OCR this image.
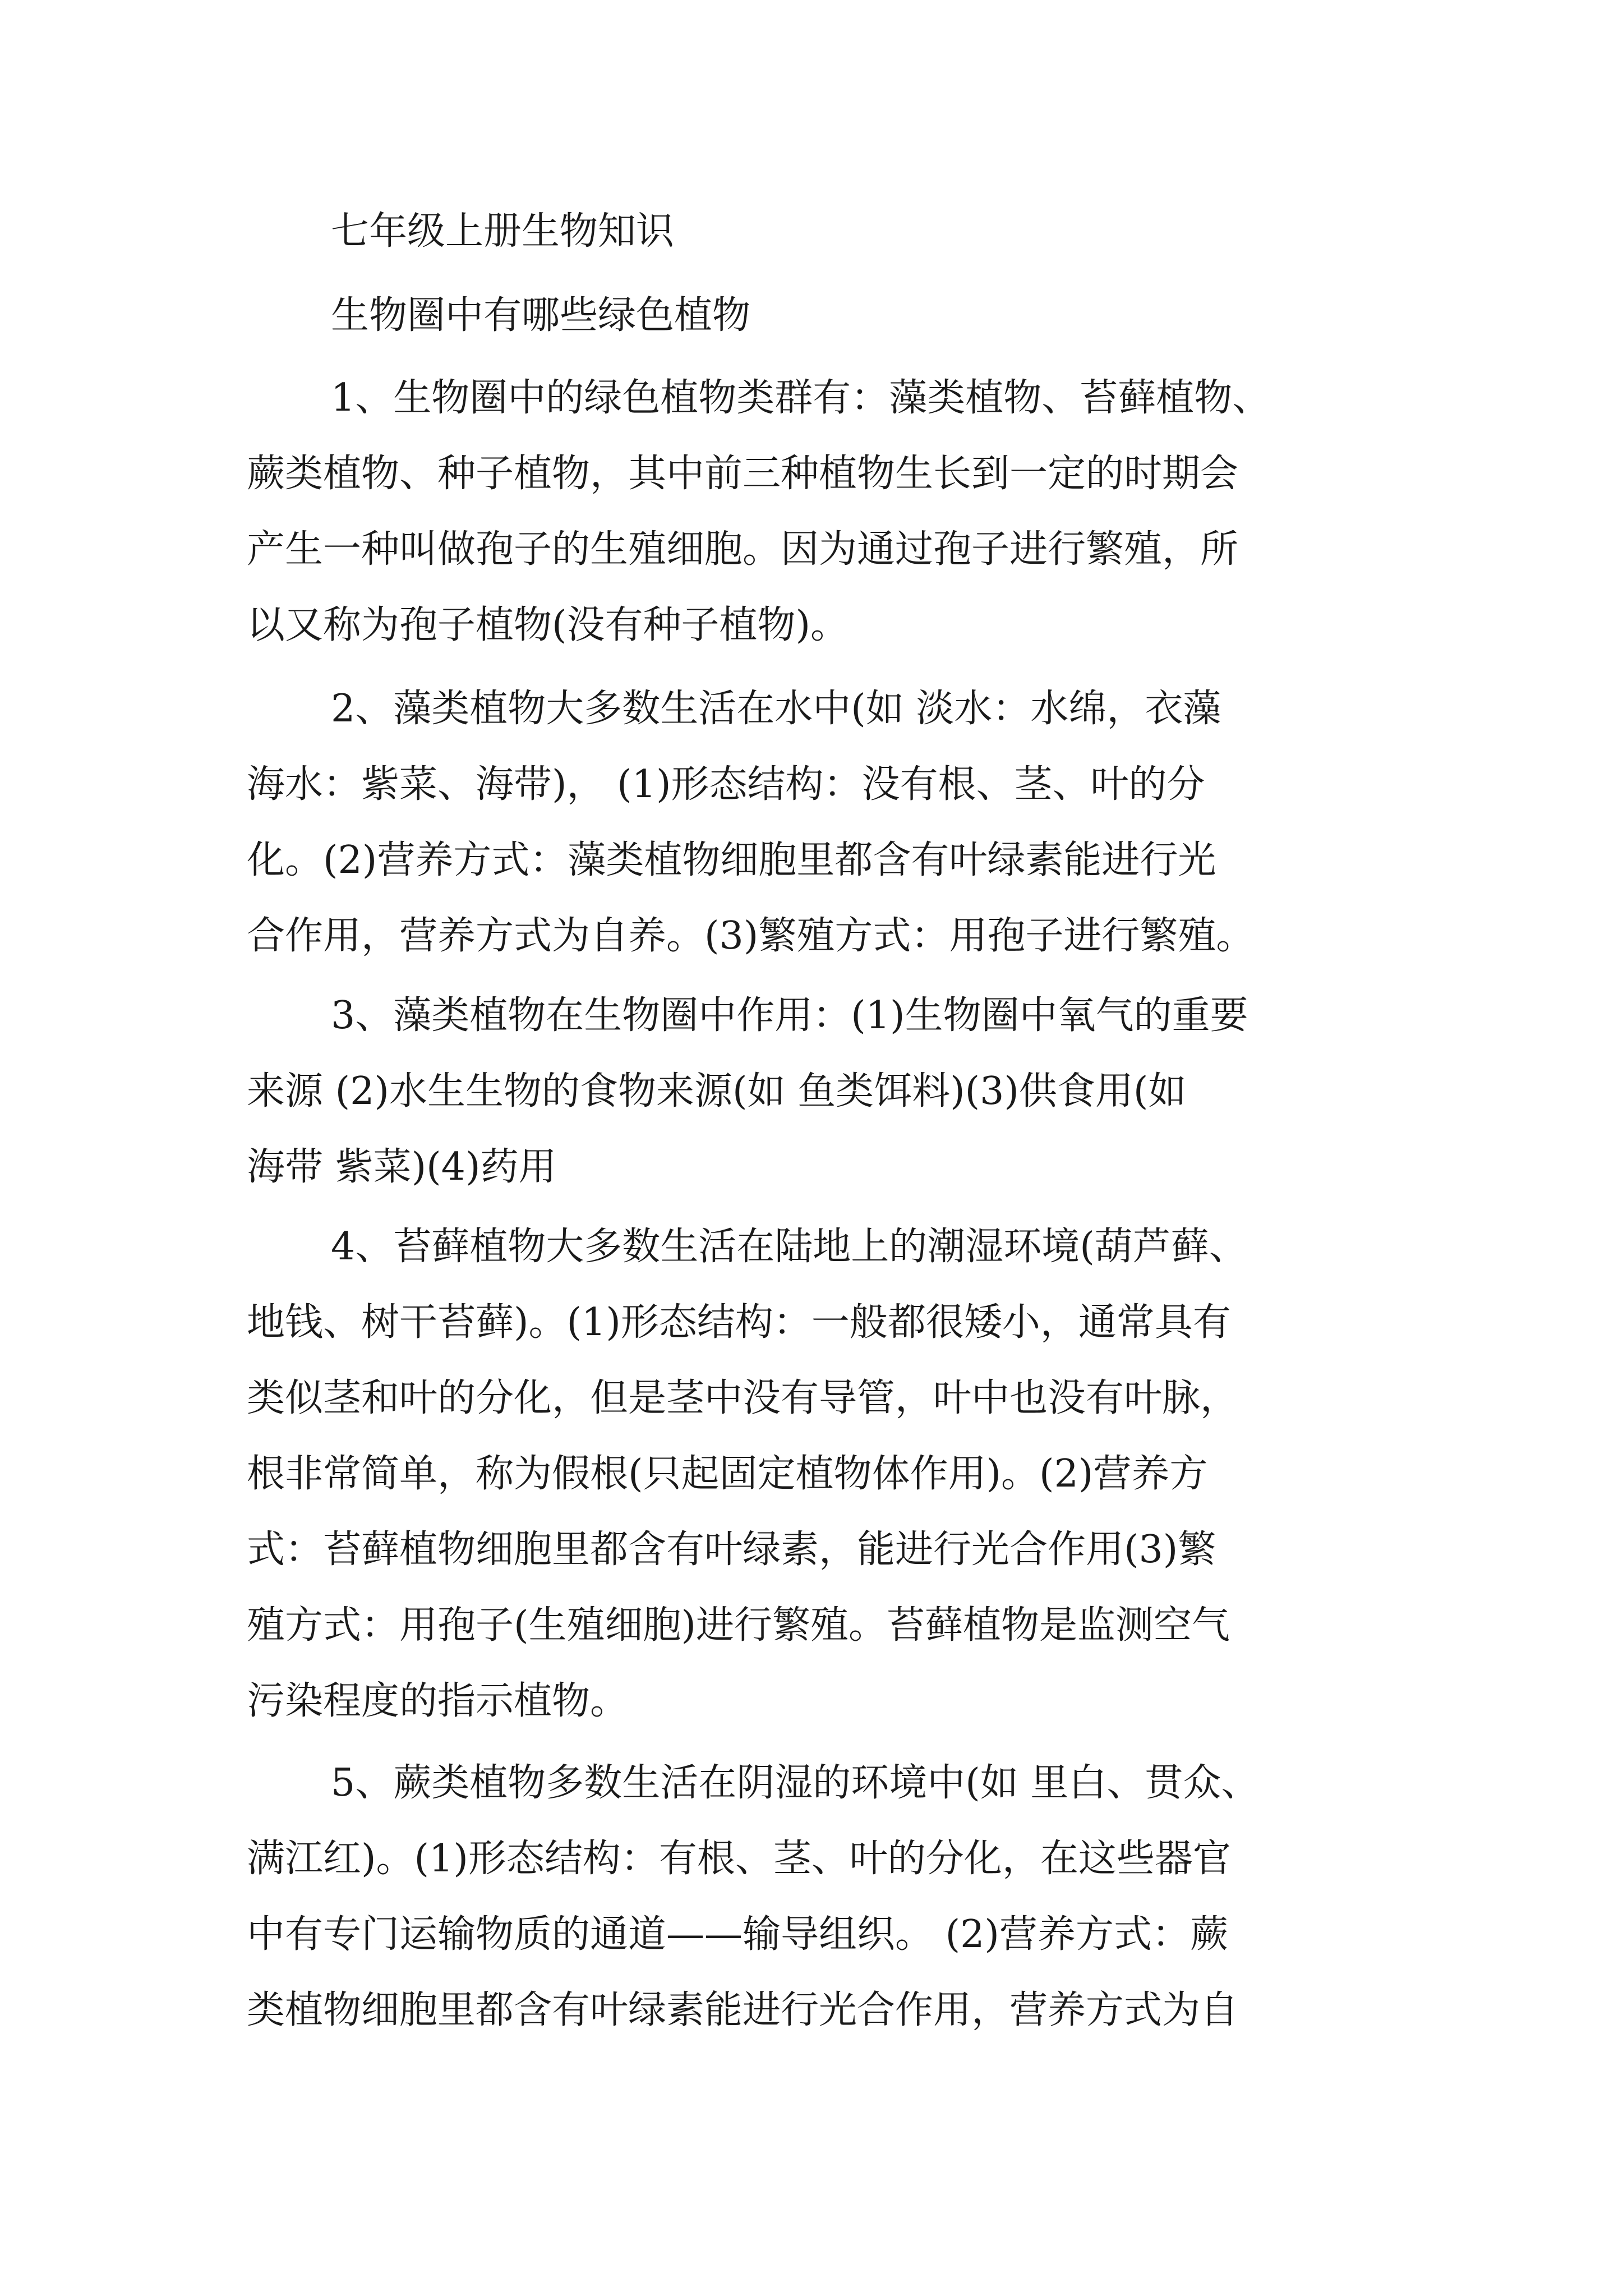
七年级上册生物知识

生物圈中有哪些绿色植物

1、生物圈中的绿色植物类群有：藻类植物、苔藓植物、

蕨类植物、种子植物，其中前三种植物生长到一定的时期会

产生一种叫做孢子的生殖细胞。因为通过孢子进行繁殖，所

以又称为孢子植物(没有种子植物)。

2、藻类植物大多数生活在水中(如 淡水：水绵，衣藻

海水：紫菜、海带)， (1)形态结构：没有根、茎、叶的分

化。(2)营养方式：藻类植物细胞里都含有叶绿素能进行光

合作用，营养方式为自养。(3)繁殖方式：用孢子进行繁殖。

3、藻类植物在生物圈中作用：(1)生物圈中氧气的重要

来源 (2)水生生物的食物来源(如 鱼类饵料)(3)供食用(如

海带 紫菜)(4)药用

4、苔藓植物大多数生活在陆地上的潮湿环境(葫芦藓、

地钱、树干苔藓)。(1)形态结构：一般都很矮小，通常具有

类似茎和叶的分化，但是茎中没有导管，叶中也没有叶脉，

根非常简单，称为假根(只起固定植物体作用)。(2)营养方

式：苔藓植物细胞里都含有叶绿素，能进行光合作用(3)繁

殖方式：用孢子(生殖细胞)进行繁殖。苔藓植物是监测空气

污染程度的指示植物。

5、蕨类植物多数生活在阴湿的环境中(如 里白、贯众、

满江红)。(1)形态结构：有根、茎、叶的分化，在这些器官

中有专门运输物质的通道——输导组织。 (2)营养方式：蕨

类植物细胞里都含有叶绿素能进行光合作用，营养方式为自
